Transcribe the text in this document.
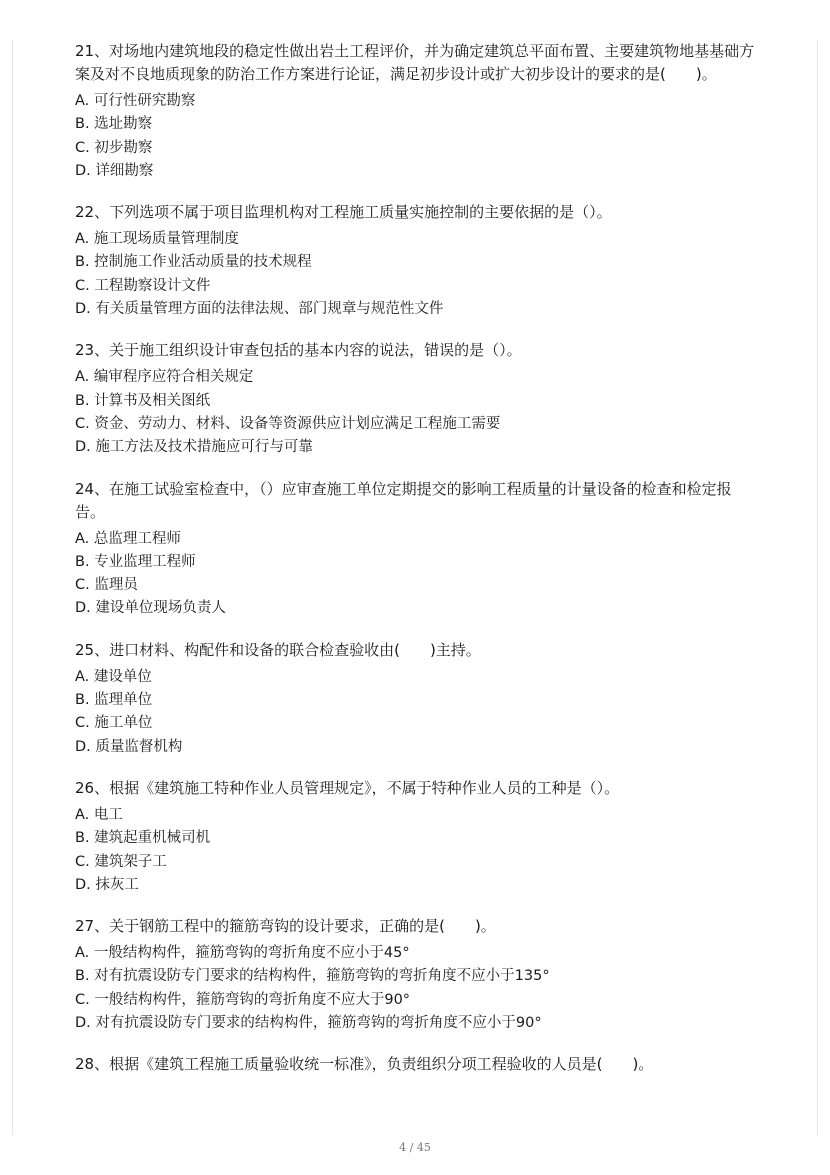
21、对场地内建筑地段的稳定性做出岩土工程评价，并为确定建筑总平面布置、主要建筑物地基基础方案及对不良地质现象的防治工作方案进行论证，满足初步设计或扩大初步设计的要求的是(　　)。
A. 可行性研究勘察
B. 选址勘察
C. 初步勘察
D. 详细勘察
22、下列选项不属于项目监理机构对工程施工质量实施控制的主要依据的是（）。
A. 施工现场质量管理制度
B. 控制施工作业活动质量的技术规程
C. 工程勘察设计文件
D. 有关质量管理方面的法律法规、部门规章与规范性文件
23、关于施工组织设计审查包括的基本内容的说法，错误的是（）。
A. 编审程序应符合相关规定
B. 计算书及相关图纸
C. 资金、劳动力、材料、设备等资源供应计划应满足工程施工需要
D. 施工方法及技术措施应可行与可靠
24、在施工试验室检查中，（）应审查施工单位定期提交的影响工程质量的计量设备的检查和检定报告。
A. 总监理工程师
B. 专业监理工程师
C. 监理员
D. 建设单位现场负责人
25、进口材料、构配件和设备的联合检查验收由(　　)主持。
A. 建设单位
B. 监理单位
C. 施工单位
D. 质量监督机构
26、根据《建筑施工特种作业人员管理规定》，不属于特种作业人员的工种是（）。
A. 电工
B. 建筑起重机械司机
C. 建筑架子工
D. 抹灰工
27、关于钢筋工程中的箍筋弯钩的设计要求，正确的是(　　)。
A. 一般结构构件，箍筋弯钩的弯折角度不应小于45°
B. 对有抗震设防专门要求的结构构件，箍筋弯钩的弯折角度不应小于135°
C. 一般结构构件，箍筋弯钩的弯折角度不应大于90°
D. 对有抗震设防专门要求的结构构件，箍筋弯钩的弯折角度不应小于90°
28、根据《建筑工程施工质量验收统一标准》，负责组织分项工程验收的人员是(　　)。
4 / 45
